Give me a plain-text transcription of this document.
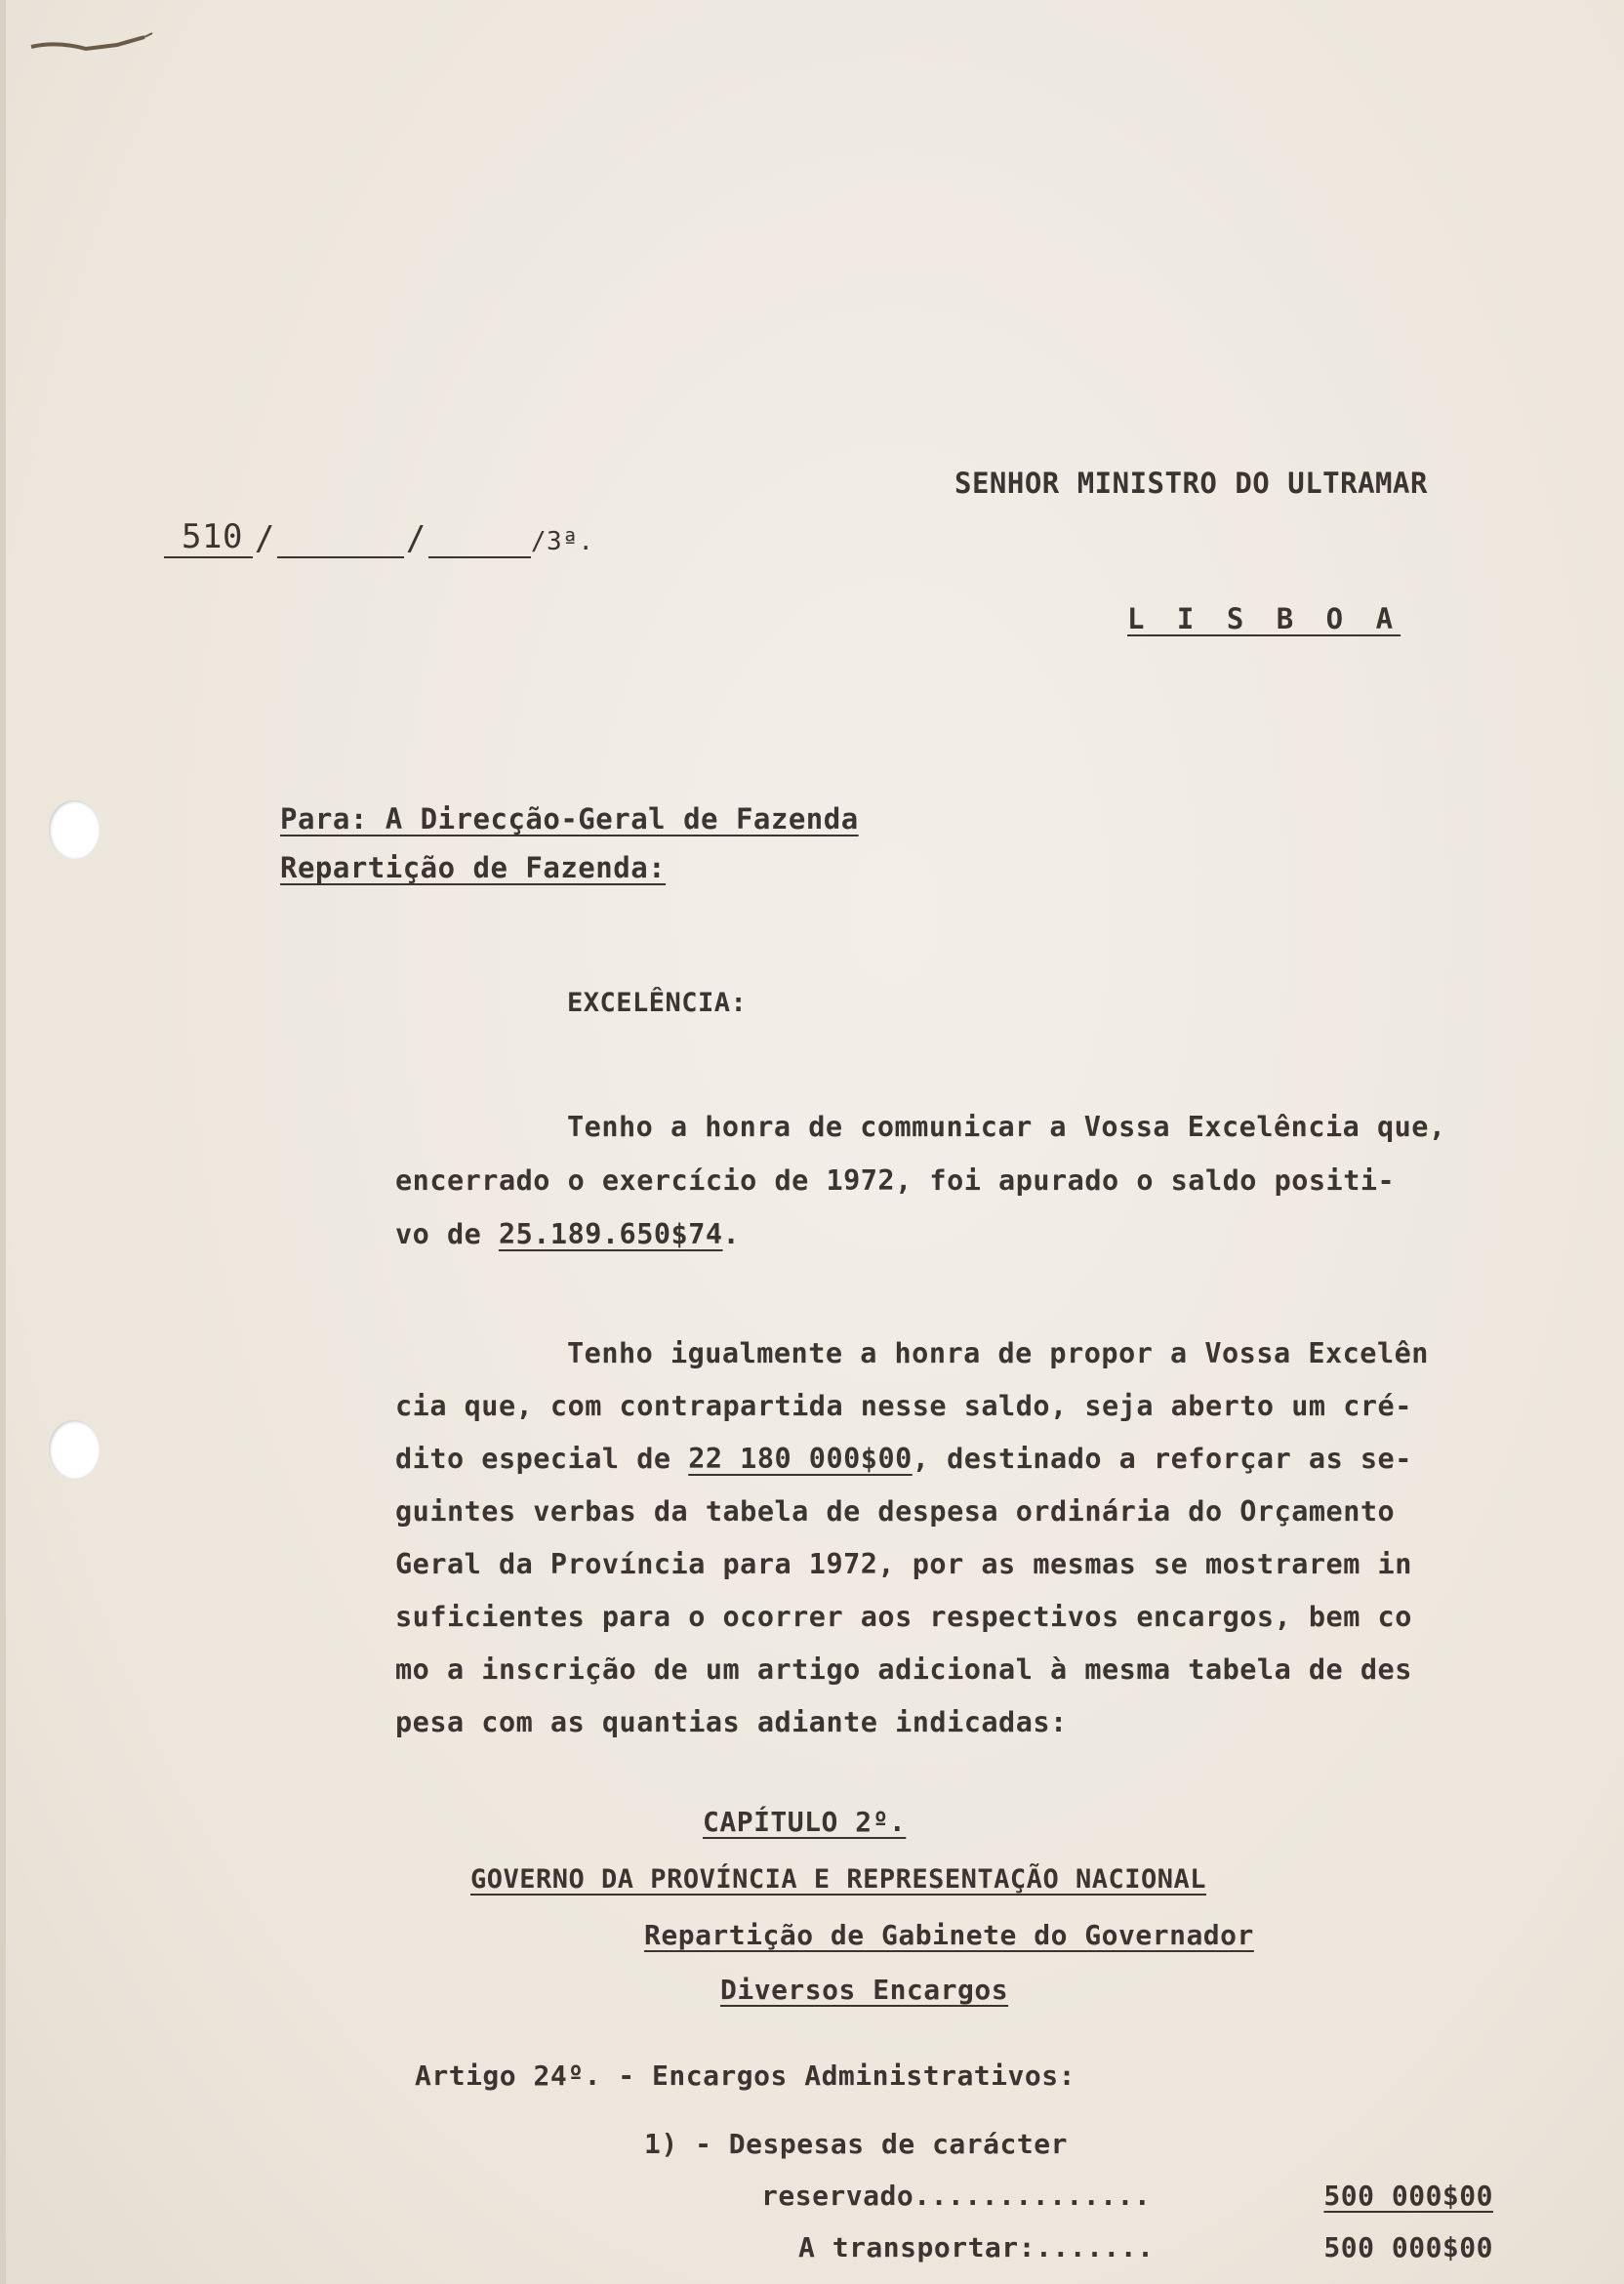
SENHOR MINISTRO DO ULTRAMAR
L I S B O A
510 /	/	/3ª.
Para: A Direcção-Geral de Fazenda
Repartição de Fazenda:
EXCELÊNCIA:
Tenho a honra de communicar a Vossa Excelência que,
encerrado o exercício de 1972, foi apurado o saldo positi-
vo de 25.189.650$74.
Tenho igualmente a honra de propor a Vossa Excelên
cia que, com contrapartida nesse saldo, seja aberto um cré-
dito especial de 22 180 000$00, destinado a reforçar as se-
guintes verbas da tabela de despesa ordinária do Orçamento
Geral da Província para 1972, por as mesmas se mostrarem in
suficientes para o ocorrer aos respectivos encargos, bem co
mo a inscrição de um artigo adicional à mesma tabela de des
pesa com as quantias adiante indicadas:
CAPÍTULO 2º.
GOVERNO DA PROVÍNCIA E REPRESENTAÇÃO NACIONAL
Repartição de Gabinete do Governador
Diversos Encargos
Artigo 24º. - Encargos Administrativos:
1) - Despesas de carácter
reservado..............	500 000$00
A transportar:.......	500 000$00
